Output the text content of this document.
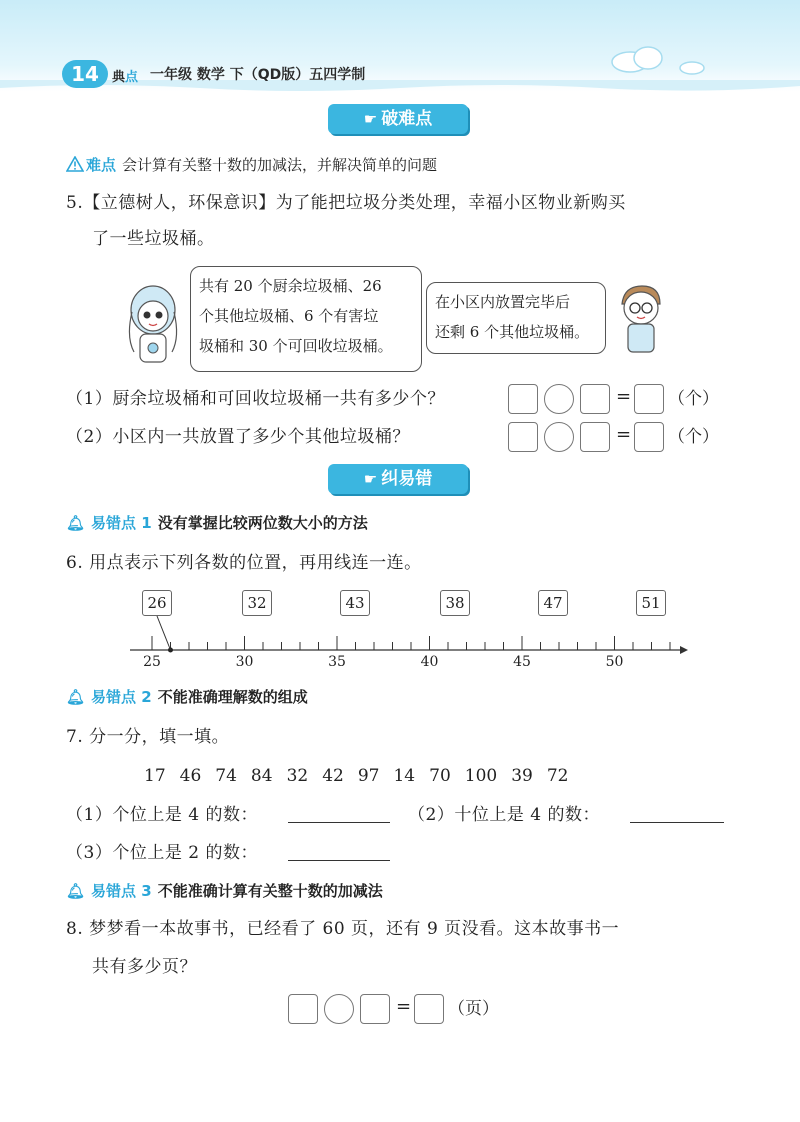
14	典点 一年级 数学 下（QD版）五四学制
☛ 破难点
难点 会计算有关整十数的加减法，并解决简单的问题
5.【立德树人，环保意识】为了能把垃圾分类处理，幸福小区物业新购买
了一些垃圾桶。
共有 20 个厨余垃圾桶、26
个其他垃圾桶、6 个有害垃
圾桶和 30 个可回收垃圾桶。
在小区内放置完毕后
还剩 6 个其他垃圾桶。
（1）厨余垃圾桶和可回收垃圾桶一共有多少个？	= （个）
（2）小区内一共放置了多少个其他垃圾桶？	= （个）
☛ 纠易错
🔔︎ 易错点 1 没有掌握比较两位数大小的方法
6. 用点表示下列各数的位置，再用线连一连。
26	32	43	38	47	51
25	30	35	40	45	50
🔔︎ 易错点 2 不能准确理解数的组成
7. 分一分，填一填。
17 46 74 84 32 42 97 14 70 100 39 72
（1）个位上是 4 的数：	（2）十位上是 4 的数：
（3）个位上是 2 的数：
🔔︎ 易错点 3 不能准确计算有关整十数的加减法
8. 梦梦看一本故事书，已经看了 60 页，还有 9 页没看。这本故事书一
共有多少页？
= （页）
